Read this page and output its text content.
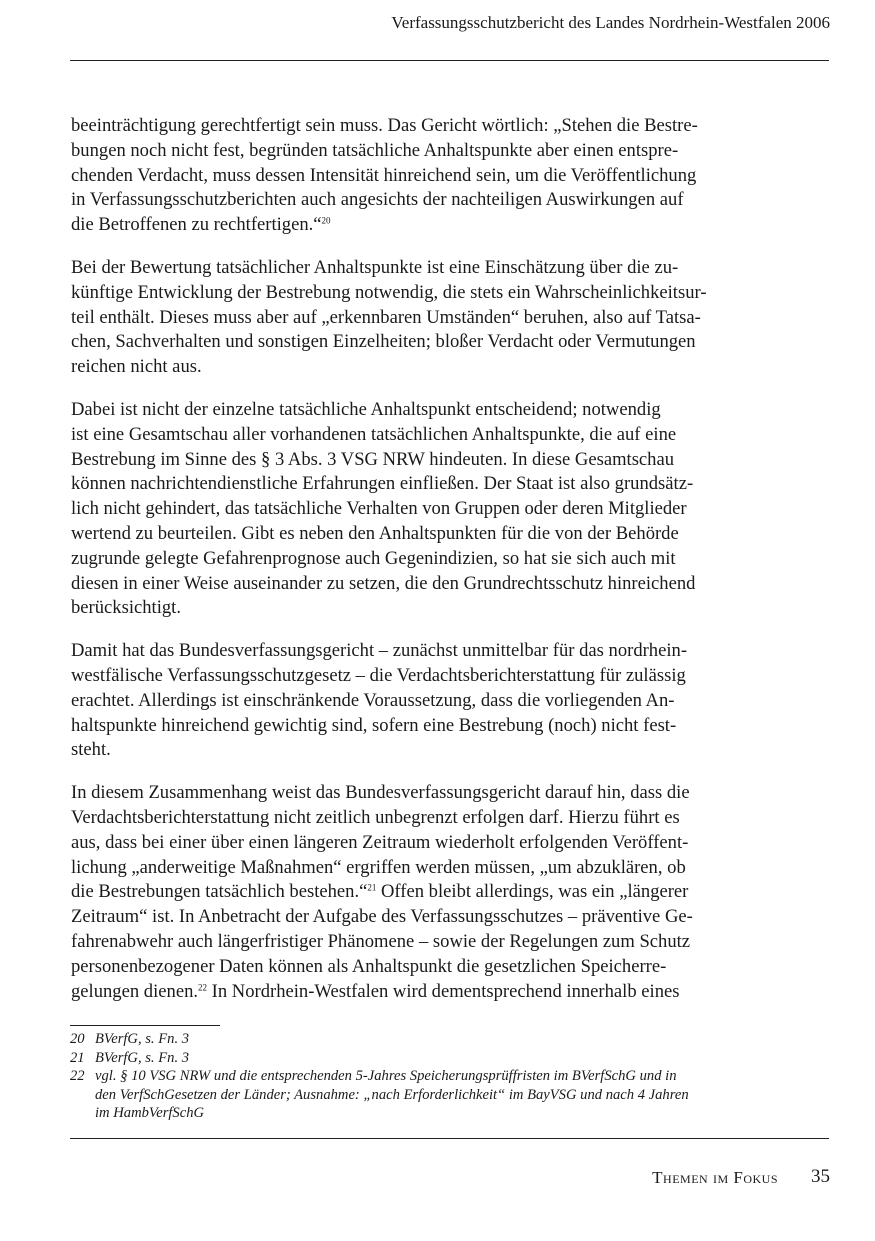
Verfassungsschutzbericht des Landes Nordrhein-Westfalen 2006

beeinträchtigung gerechtfertigt sein muss. Das Gericht wörtlich: „Stehen die Bestre-
bungen noch nicht fest, begründen tatsächliche Anhaltspunkte aber einen entspre-
chenden Verdacht, muss dessen Intensität hinreichend sein, um die Veröffentlichung
in Verfassungsschutzberichten auch angesichts der nachteiligen Auswirkungen auf
die Betroffenen zu rechtfertigen.“$^{20}$

Bei der Bewertung tatsächlicher Anhaltspunkte ist eine Einschätzung über die zu-
künftige Entwicklung der Bestrebung notwendig, die stets ein Wahrscheinlichkeitsur-
teil enthält. Dieses muss aber auf „erkennbaren Umständen“ beruhen, also auf Tatsa-
chen, Sachverhalten und sonstigen Einzelheiten; bloßer Verdacht oder Vermutungen
reichen nicht aus.

Dabei ist nicht der einzelne tatsächliche Anhaltspunkt entscheidend; notwendig
ist eine Gesamtschau aller vorhandenen tatsächlichen Anhaltspunkte, die auf eine
Bestrebung im Sinne des § 3 Abs. 3 VSG NRW hindeuten. In diese Gesamtschau
können nachrichtendienstliche Erfahrungen einfließen. Der Staat ist also grundsätz-
lich nicht gehindert, das tatsächliche Verhalten von Gruppen oder deren Mitglieder
wertend zu beurteilen. Gibt es neben den Anhaltspunkten für die von der Behörde
zugrunde gelegte Gefahrenprognose auch Gegenindizien, so hat sie sich auch mit
diesen in einer Weise auseinander zu setzen, die den Grundrechtsschutz hinreichend
berücksichtigt.

Damit hat das Bundesverfassungsgericht – zunächst unmittelbar für das nordrhein-
westfälische Verfassungsschutzgesetz – die Verdachtsberichterstattung für zulässig
erachtet. Allerdings ist einschränkende Voraussetzung, dass die vorliegenden An-
haltspunkte hinreichend gewichtig sind, sofern eine Bestrebung (noch) nicht fest-
steht.

In diesem Zusammenhang weist das Bundesverfassungsgericht darauf hin, dass die
Verdachtsberichterstattung nicht zeitlich unbegrenzt erfolgen darf. Hierzu führt es
aus, dass bei einer über einen längeren Zeitraum wiederholt erfolgenden Veröffent-
lichung „anderweitige Maßnahmen“ ergriffen werden müssen, „um abzuklären, ob
die Bestrebungen tatsächlich bestehen.“$^{21}$ Offen bleibt allerdings, was ein „längerer
Zeitraum“ ist. In Anbetracht der Aufgabe des Verfassungsschutzes – präventive Ge-
fahrenabwehr auch längerfristiger Phänomene – sowie der Regelungen zum Schutz
personenbezogener Daten können als Anhaltspunkt die gesetzlichen Speicherre-
gelungen dienen.$^{22}$ In Nordrhein-Westfalen wird dementsprechend innerhalb eines

20 BVerfG, s. Fn. 3
21 BVerfG, s. Fn. 3
22 vgl. § 10 VSG NRW und die entsprechenden 5-Jahres Speicherungsprüffristen im BVerfSchG und in
den VerfSchGesetzen der Länder; Ausnahme: „nach Erforderlichkeit“ im BayVSG und nach 4 Jahren
im HambVerfSchG
Themen im Fokus 35
